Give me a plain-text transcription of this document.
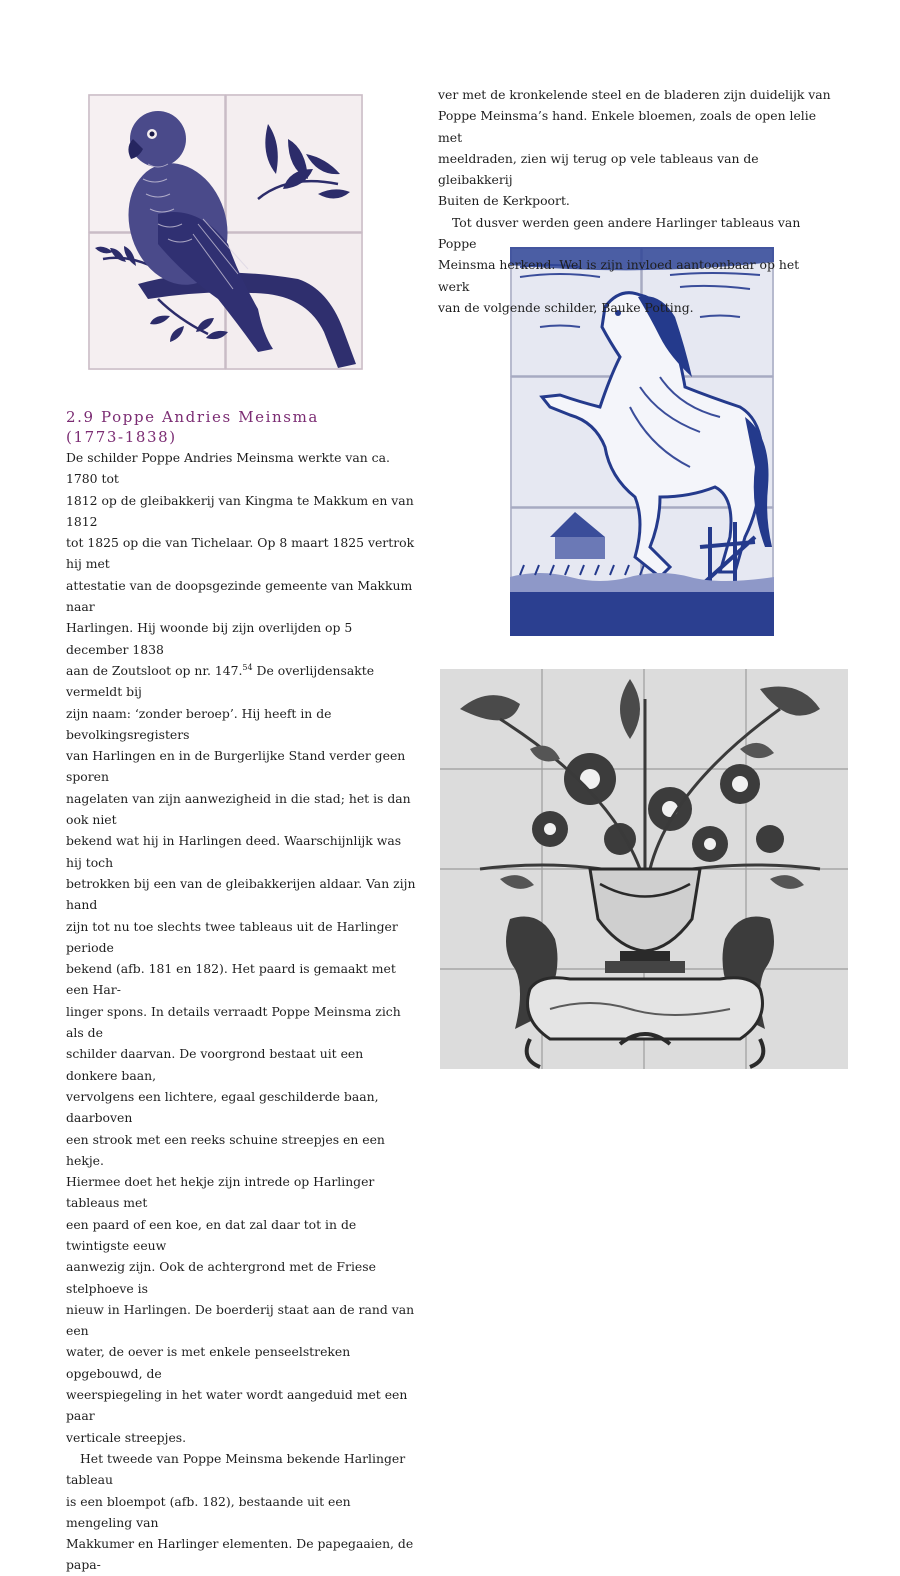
2.9 Poppe Andries Meinsma
(1773-1838)

De schilder Poppe Andries Meinsma werkte van ca. 1780 tot
1812 op de gleibakkerij van Kingma te Makkum en van 1812
tot 1825 op die van Tichelaar. Op 8 maart 1825 vertrok hij met
attestatie van de doopsgezinde gemeente van Makkum naar
Harlingen. Hij woonde bij zijn overlijden op 5 december 1838
aan de Zoutsloot op nr. 147.54 De overlijdensakte vermeldt bij
zijn naam: ‘zonder beroep’. Hij heeft in de bevolkingsregisters
van Harlingen en in de Burgerlijke Stand verder geen sporen
nagelaten van zijn aanwezigheid in die stad; het is dan ook niet
bekend wat hij in Harlingen deed. Waarschijnlijk was hij toch
betrokken bij een van de gleibakkerijen aldaar. Van zijn hand
zijn tot nu toe slechts twee tableaus uit de Harlinger periode
bekend (afb. 181 en 182). Het paard is gemaakt met een Har-
linger spons. In details verraadt Poppe Meinsma zich als de
schilder daarvan. De voorgrond bestaat uit een donkere baan,
vervolgens een lichtere, egaal geschilderde baan, daarboven
een strook met een reeks schuine streepjes en een hekje.
Hiermee doet het hekje zijn intrede op Harlinger tableaus met
een paard of een koe, en dat zal daar tot in de twintigste eeuw
aanwezig zijn. Ook de achtergrond met de Friese stelphoeve is
nieuw in Harlingen. De boerderij staat aan de rand van een
water, de oever is met enkele penseelstreken opgebouwd, de
weerspiegeling in het water wordt aangeduid met een paar
verticale streepjes.

Het tweede van Poppe Meinsma bekende Harlinger tableau
is een bloempot (afb. 182), bestaande uit een mengeling van
Makkumer en Harlinger elementen. De papegaaien, de papa-

ver met de kronkelende steel en de bladeren zijn duidelijk van
Poppe Meinsma’s hand. Enkele bloemen, zoals de open lelie met
meeldraden, zien wij terug op vele tableaus van de gleibakkerij
Buiten de Kerkpoort.

Tot dusver werden geen andere Harlinger tableaus van Poppe
Meinsma herkend. Wel is zijn invloed aantoonbaar op het werk
van de volgende schilder, Bauke Potting.
